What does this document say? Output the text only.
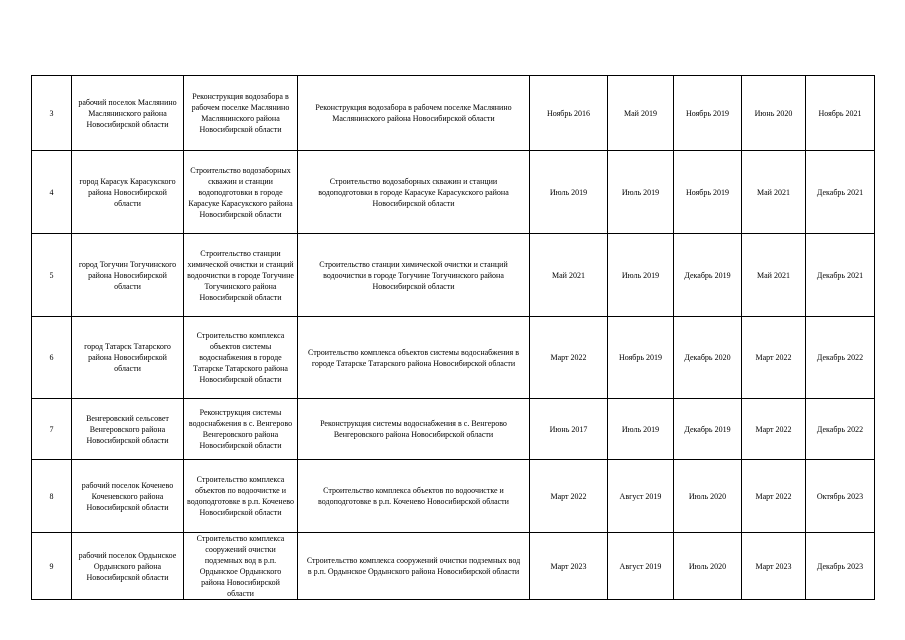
3	рабочий поселок Маслянино Маслянинского района Новосибирской области	Реконструкция водозабора в рабочем поселке Маслянино Маслянинского района Новосибирской области	Реконструкция водозабора в рабочем поселке Маслянино Маслянинского района Новосибирской области	Ноябрь 2016	Май 2019	Ноябрь 2019	Июнь 2020	Ноябрь 2021
4	город Карасук Карасукского района Новосибирской области	Строительство водозаборных скважин и станции водоподготовки в городе Карасуке Карасукского района Новосибирской области	Строительство водозаборных скважин и станции водоподготовки в городе Карасуке Карасукского района Новосибирской области	Июль 2019	Июль 2019	Ноябрь 2019	Май 2021	Декабрь 2021
5	город Тогучин Тогучинского района Новосибирской области	Строительство станции химической очистки и станций водоочистки в городе Тогучине Тогучинского района Новосибирской области	Строительство станции химической очистки и станций водоочистки в городе Тогучине Тогучинского района Новосибирской области	Май 2021	Июль 2019	Декабрь 2019	Май 2021	Декабрь 2021
6	город Татарск Татарского района Новосибирской области	Строительство комплекса объектов системы водоснабжения в городе Татарске Татарского района Новосибирской области	Строительство комплекса объектов системы водоснабжения в городе Татарске Татарского района Новосибирской области	Март 2022	Ноябрь 2019	Декабрь 2020	Март 2022	Декабрь 2022
7	Венгеровский сельсовет Венгеровского района Новосибирской области	Реконструкция системы водоснабжения в с. Венгерово Венгеровского района Новосибирской области	Реконструкция системы водоснабжения в с. Венгерово Венгеровского района Новосибирской области	Июнь 2017	Июль 2019	Декабрь 2019	Март 2022	Декабрь 2022
8	рабочий поселок Коченево Коченевского района Новосибирской области	Строительство комплекса объектов по водоочистке и водоподготовке в р.п. Коченево Новосибирской области	Строительство комплекса объектов по водоочистке и водоподготовке в р.п. Коченево Новосибирской области	Март 2022	Август 2019	Июль 2020	Март 2022	Октябрь 2023
9	рабочий поселок Ордынское Ордынского района Новосибирской области	Строительство комплекса сооружений очистки подземных вод в р.п. Ордынское Ордынского района Новосибирской области	Строительство комплекса сооружений очистки подземных вод в р.п. Ордынское Ордынского района Новосибирской области	Март 2023	Август 2019	Июль 2020	Март 2023	Декабрь 2023
